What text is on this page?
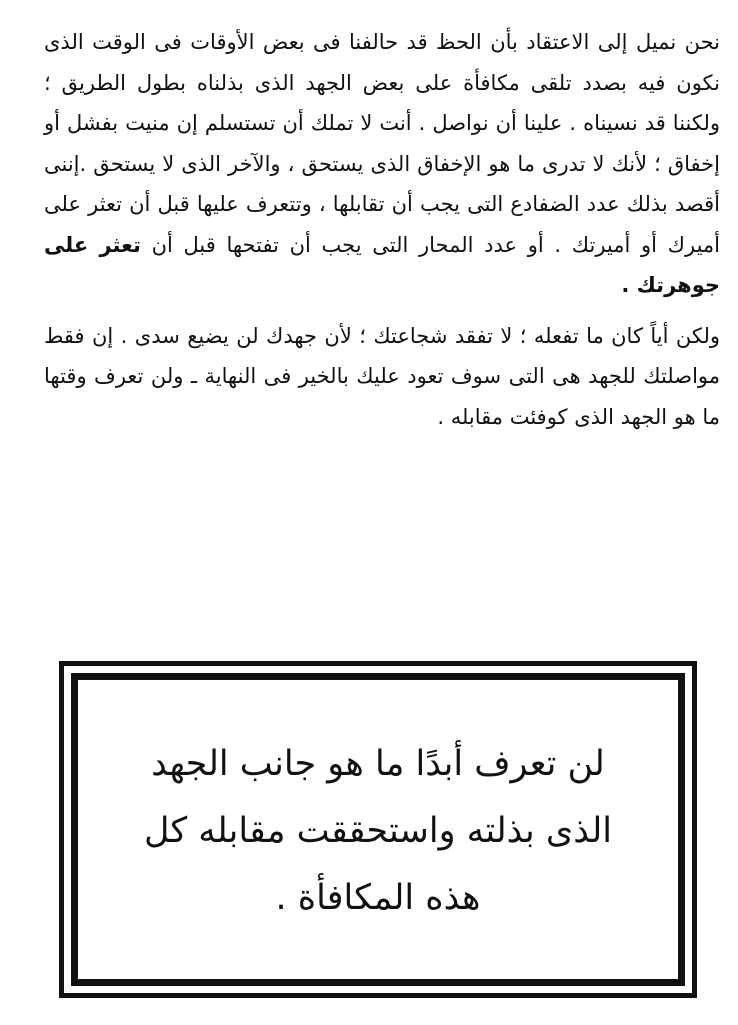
نحن نميل إلى الاعتقاد بأن الحظ قد حالفنا فى بعض الأوقات فى الوقت الذى نكون فيه بصدد تلقى مكافأة على بعض الجهد الذى بذلناه بطول الطريق ؛ ولكننا قد نسيناه . علينا أن نواصل . أنت لا تملك أن تستسلم إن منيت بفشل أو إخفاق ؛ لأنك لا تدرى ما هو الإخفاق الذى يستحق ، والآخر الذى لا يستحق .إننى أقصد بذلك عدد الضفادع التى يجب أن تقابلها ، وتتعرف عليها قبل أن تعثر على أميرك أو أميرتك . أو عدد المحار التى يجب أن تفتحها قبل أن تعثر على جوهرتك .

ولكن أياً كان ما تفعله ؛ لا تفقد شجاعتك ؛ لأن جهدك لن يضيع سدى . إن فقط مواصلتك للجهد هى التى سوف تعود عليك بالخير فى النهاية ـ ولن تعرف وقتها ما هو الجهد الذى كوفئت مقابله .

لن تعرف أبدًا ما هو جانب الجهد الذى بذلته واستحققت مقابله كل هذه المكافأة .
